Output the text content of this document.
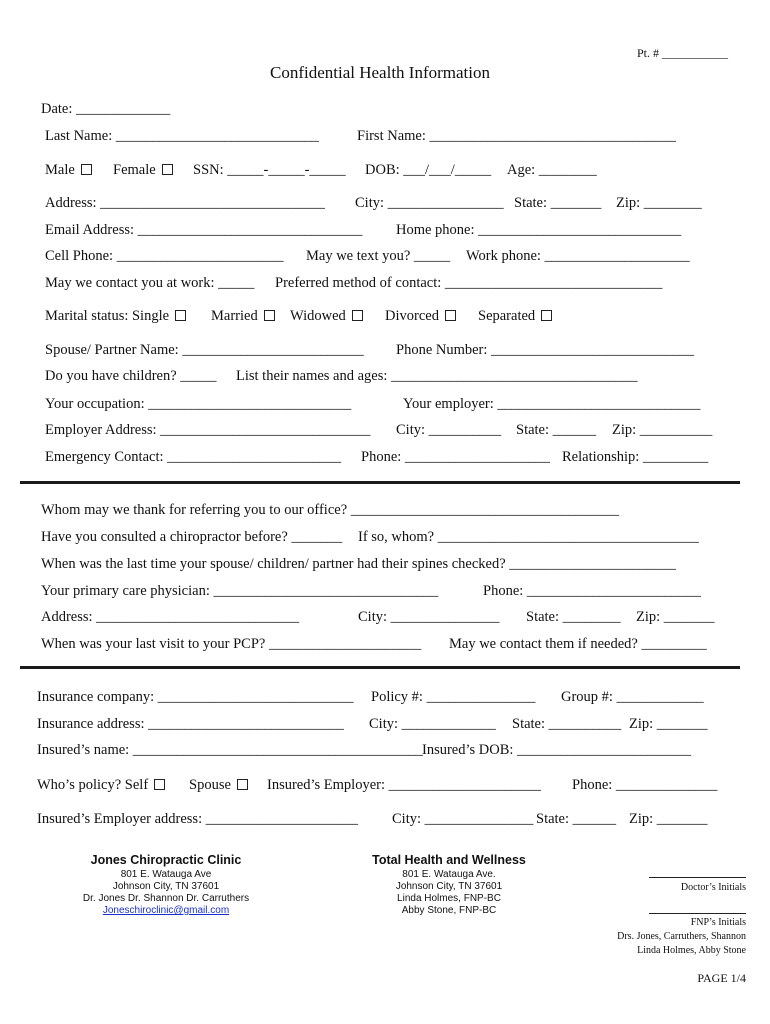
Pt. # ___________
Confidential Health Information
Date: _____________
Last Name: ____________________________	First Name: __________________________________
Male	Female	SSN: _____-_____-_____ DOB: ___/___/_____ Age: ________
Address: _______________________________ City: ________________ State: _______ Zip: ________
Email Address: _______________________________ Home phone: ____________________________
Cell Phone: _______________________ May we text you? _____ Work phone: ____________________
May we contact you at work: _____ Preferred method of contact: ______________________________
Marital status: Single	Married	Widowed	Divorced	Separated
Spouse/ Partner Name: _________________________ Phone Number: ____________________________
Do you have children? _____ List their names and ages: __________________________________
Your occupation: ____________________________	Your employer: ____________________________
Employer Address: _____________________________ City: __________ State: ______ Zip: __________
Emergency Contact: ________________________ Phone: ____________________ Relationship: _________
Whom may we thank for referring you to our office? _____________________________________
Have you consulted a chiropractor before? _______ If so, whom? ____________________________________
When was the last time your spouse/ children/ partner had their spines checked? _______________________
Your primary care physician: _______________________________	Phone: ________________________
Address: ____________________________	City: _______________ State: ________ Zip: _______
When was your last visit to your PCP? _____________________ May we contact them if needed? _________
Insurance company: ___________________________ Policy #: _______________ Group #: ____________
Insurance address: ___________________________ City: _____________ State: __________ Zip: _______
Insured’s name: ________________________________________ Insured’s DOB: ________________________
Who’s policy? Self	Spouse	Insured’s Employer: _____________________ Phone: ______________
Insured’s Employer address: _____________________ City: _______________ State: ______ Zip: _______
Jones Chiropractic Clinic
801 E. Watauga Ave
Johnson City, TN 37601
Dr. Jones Dr. Shannon Dr. Carruthers
Joneschiroclinic@gmail.com
Total Health and Wellness
801 E. Watauga Ave.
Johnson City, TN 37601
Linda Holmes, FNP-BC
Abby Stone, FNP-BC
Doctor’s Initials
FNP’s Initials
Drs. Jones, Carruthers, Shannon
Linda Holmes, Abby Stone
PAGE 1/4
